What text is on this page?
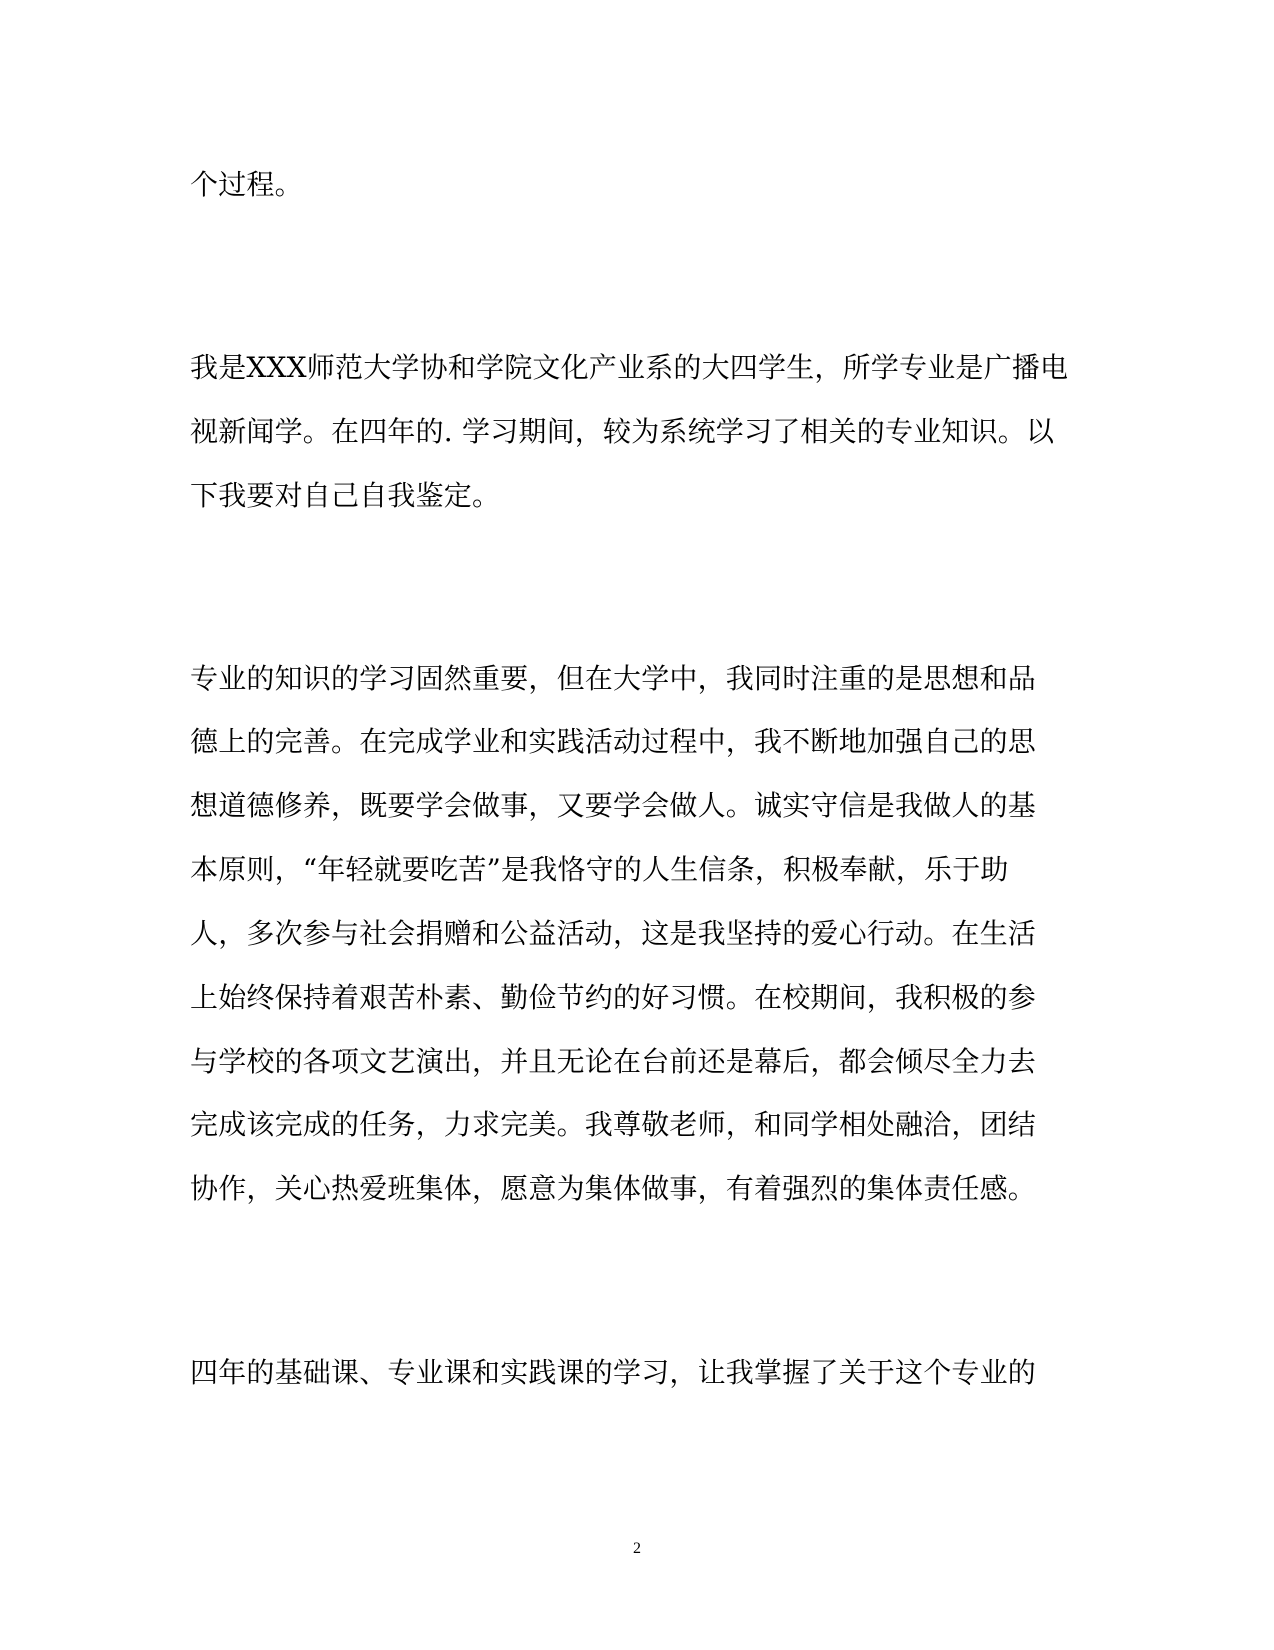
个过程。
我是XXX师范大学协和学院文化产业系的大四学生，所学专业是广播电
视新闻学。在四年的. 学习期间，较为系统学习了相关的专业知识。以
下我要对自己自我鉴定。
专业的知识的学习固然重要，但在大学中，我同时注重的是思想和品
德上的完善。在完成学业和实践活动过程中，我不断地加强自己的思
想道德修养，既要学会做事，又要学会做人。诚实守信是我做人的基
本原则，“年轻就要吃苦”是我恪守的人生信条，积极奉献，乐于助
人，多次参与社会捐赠和公益活动，这是我坚持的爱心行动。在生活
上始终保持着艰苦朴素、勤俭节约的好习惯。在校期间，我积极的参
与学校的各项文艺演出，并且无论在台前还是幕后，都会倾尽全力去
完成该完成的任务，力求完美。我尊敬老师，和同学相处融洽，团结
协作，关心热爱班集体，愿意为集体做事，有着强烈的集体责任感。
四年的基础课、专业课和实践课的学习，让我掌握了关于这个专业的
2
